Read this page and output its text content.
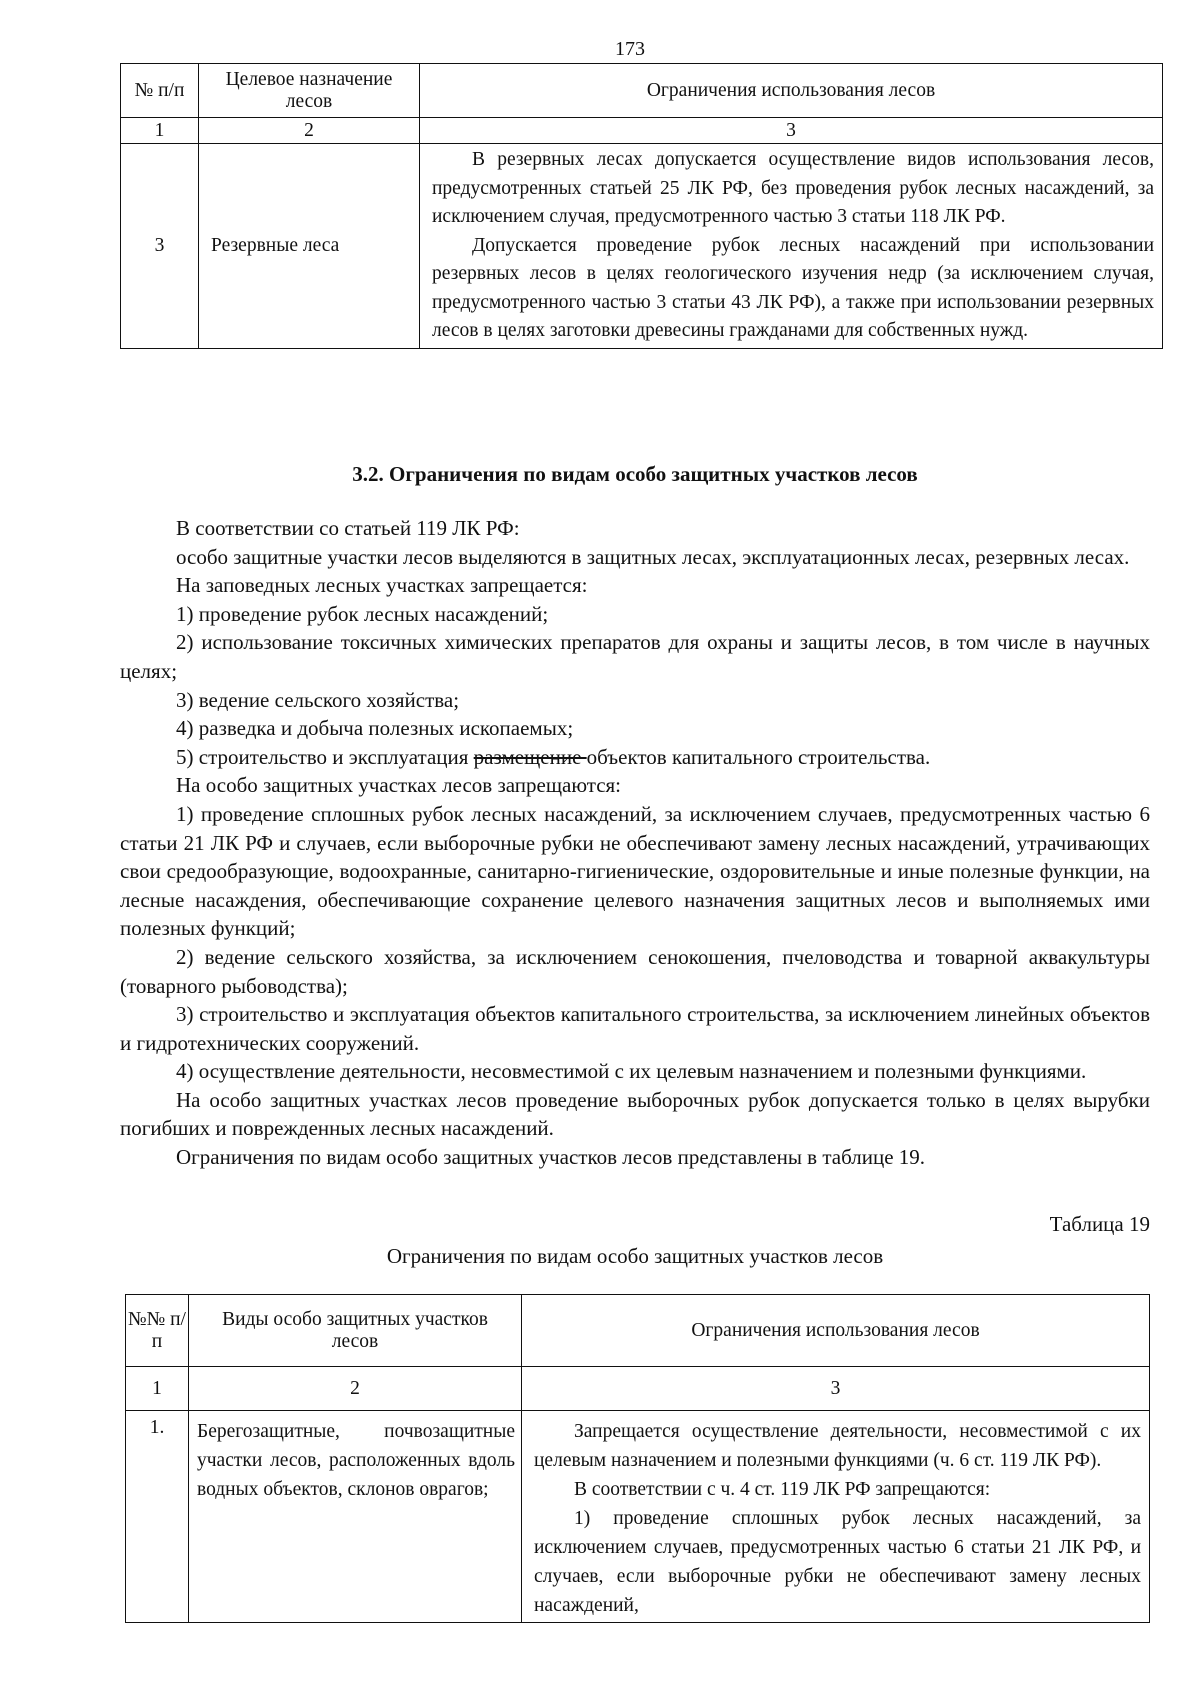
173
№ п/п	Целевое назначение лесов	Ограничения использования лесов
1	2	3
3	Резервные леса	В резервных лесах допускается осуществление видов использования лесов, предусмотренных статьей 25 ЛК РФ, без проведения рубок лесных насаждений, за исключением случая, предусмотренного частью 3 статьи 118 ЛК РФ.

Допускается проведение рубок лесных насаждений при использовании резервных лесов в целях геологического изучения недр (за исключением случая, предусмотренного частью 3 статьи 43 ЛК РФ), а также при использовании резервных лесов в целях заготовки древесины гражданами для собственных нужд.

3.2. Ограничения по видам особо защитных участков лесов

В соответствии со статьей 119 ЛК РФ:

особо защитные участки лесов выделяются в защитных лесах, эксплуатационных лесах, резервных лесах.

На заповедных лесных участках запрещается:

1) проведение рубок лесных насаждений;

2) использование токсичных химических препаратов для охраны и защиты лесов, в том числе в научных целях;

3) ведение сельского хозяйства;

4) разведка и добыча полезных ископаемых;

5) строительство и эксплуатация размещение объектов капитального строительства.

На особо защитных участках лесов запрещаются:

1) проведение сплошных рубок лесных насаждений, за исключением случаев, предусмотренных частью 6 статьи 21 ЛК РФ и случаев, если выборочные рубки не обеспечивают замену лесных насаждений, утрачивающих свои средообразующие, водоохранные, санитарно-гигиенические, оздоровительные и иные полезные функции, на лесные насаждения, обеспечивающие сохранение целевого назначения защитных лесов и выполняемых ими полезных функций;

2) ведение сельского хозяйства, за исключением сенокошения, пчеловодства и товарной аквакультуры (товарного рыбоводства);

3) строительство и эксплуатация объектов капитального строительства, за исключением линейных объектов и гидротехнических сооружений.

4) осуществление деятельности, несовместимой с их целевым назначением и полезными функциями.

На особо защитных участках лесов проведение выборочных рубок допускается только в целях вырубки погибших и поврежденных лесных насаждений.

Ограничения по видам особо защитных участков лесов представлены в таблице 19.

Таблица 19
Ограничения по видам особо защитных участков лесов
№№ п/п	Виды особо защитных участков лесов	Ограничения использования лесов
1	2	3
1.	Берегозащитные, почвозащитные участки лесов, расположенных вдоль водных объектов, склонов оврагов;	Запрещается осуществление деятельности, несовместимой с их целевым назначением и полезными функциями (ч. 6 ст. 119 ЛК РФ).

В соответствии с ч. 4 ст. 119 ЛК РФ запрещаются:

1) проведение сплошных рубок лесных насаждений, за исключением случаев, предусмотренных частью 6 статьи 21 ЛК РФ, и случаев, если выборочные рубки не обеспечивают замену лесных насаждений,
